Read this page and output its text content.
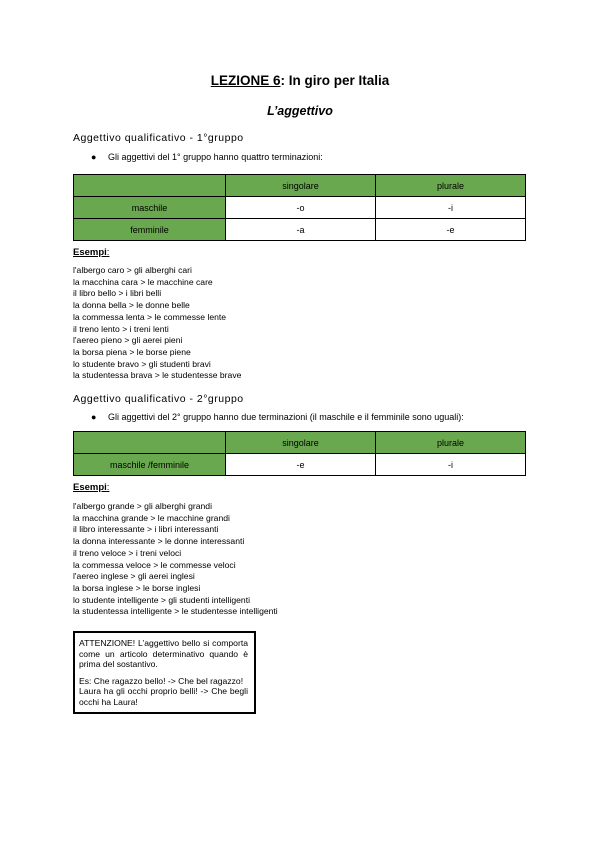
LEZIONE 6: In giro per Italia
L’aggettivo
Aggettivo qualificativo - 1°gruppo
● Gli aggettivi del 1° gruppo hanno quattro terminazioni:
	singolare	plurale
maschile	-o	-i
femminile	-a	-e
Esempi:
l'albergo caro > gli alberghi cari
la macchina cara > le macchine care
il libro bello > i libri belli
la donna bella > le donne belle
la commessa lenta > le commesse lente
il treno lento > i treni lenti
l'aereo pieno > gli aerei pieni
la borsa piena > le borse piene
lo studente bravo > gli studenti bravi
la studentessa brava > le studentesse brave
Aggettivo qualificativo - 2°gruppo
● Gli aggettivi del 2° gruppo hanno due terminazioni (il maschile e il femminile sono uguali):
	singolare	plurale
maschile /femminile	-e	-i
Esempi:
l'albergo grande > gli alberghi grandi
la macchina grande > le macchine grandi
il libro interessante > i libri interessanti
la donna interessante > le donne interessanti
il treno veloce > i treni veloci
la commessa veloce > le commesse veloci
l'aereo inglese > gli aerei inglesi
la borsa inglese > le borse inglesi
lo studente intelligente > gli studenti intelligenti
la studentessa intelligente > le studentesse intelligenti

ATTENZIONE! L’aggettivo bello si comporta come un articolo determinativo quando è prima del sostantivo.

Es: Che ragazzo bello! -> Che bel ragazzo!
Laura ha gli occhi proprio belli! -> Che begli occhi ha Laura!
